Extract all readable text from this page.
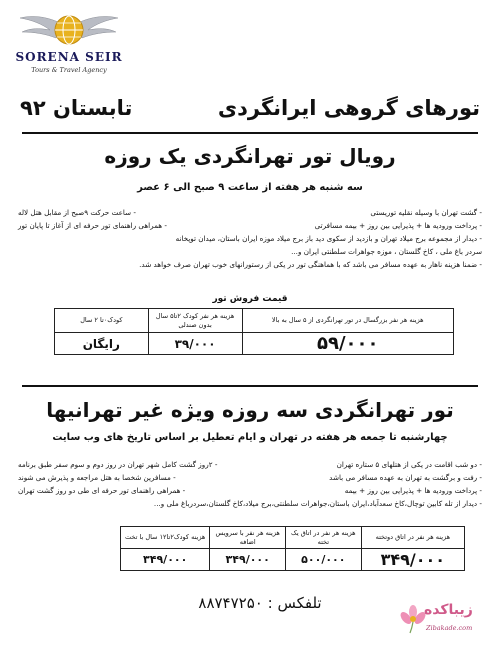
SORENA SEIR
Tours & Travel Agency
تورهای گروهی ایرانگردی
تابستان ۹۲
رویال تور تهرانگردی یک روزه
سه شنبه هر هفته از ساعت ۹ صبح الی ۶ عصر
- گشت تهران با وسیله نقلیه توریستی
- ساعت حرکت ۹صبح از مقابل هتل لاله
- پرداخت ورودیه ها + پذیرایی بین روز + بیمه مسافرتی
- همراهی راهنمای تور حرفه ای از آغاز تا پایان تور
- دیدار از مجموعه برج میلاد تهران و بازدید از سکوی دید باز برج میلاد موزه ایران باستان، میدان توپخانه
سردر باغ ملی ، کاخ گلستان ، موزه جواهرات سلطنتی ایران و...
- ضمنا هزینه ناهار به عهده مسافر می باشد که با هماهنگی تور در یکی از رستورانهای خوب تهران صرف خواهد شد.
قیمت فروش تور
هزینه هر نفر بزرگسال در تور تهرانگردی از ۵ سال به بالا	هزینه هر نفر کودک ۲تا۵ سال بدون صندلی	کودک۰تا ۲ سال
۵۹/۰۰۰	۳۹/۰۰۰	رایگان
تور تهرانگردی سه روزه ویژه غیر تهرانیها
چهارشنبه تا جمعه هر هفته در تهران و ایام تعطیل بر اساس تاریخ های وب سایت
- دو شب اقامت در یکی از هتلهای ۵ ستاره تهران
- ۲روز گشت کامل شهر تهران در روز دوم و سوم سفر طبق برنامه
- رفت و برگشت به تهران به عهده مسافر می باشد
- مسافرین شخصا به هتل مراجعه و پذیرش می شوند
- پرداخت ورودیه ها + پذیرایی بین روز + بیمه
- همراهی راهنمای تور حرفه ای طی دو روز گشت تهران
- دیدار از تله کابین توچال،کاخ سعدآباد،ایران باستان،جواهرات سلطنتی،برج میلاد،کاخ گلستان،سردرباغ ملی و...
هزینه هر نفر در اتاق دوتخته	هزینه هر نفر در اتاق یک تخته	هزینه هر نفر با سرویس اضافه	هزینه کودک۲تا۱۲ سال با تخت
۳۴۹/۰۰۰	۵۰۰/۰۰۰	۳۴۹/۰۰۰	۳۴۹/۰۰۰
تلفکس : ۸۸۷۴۷۲۵۰	زیباکده
Zibakade.com
